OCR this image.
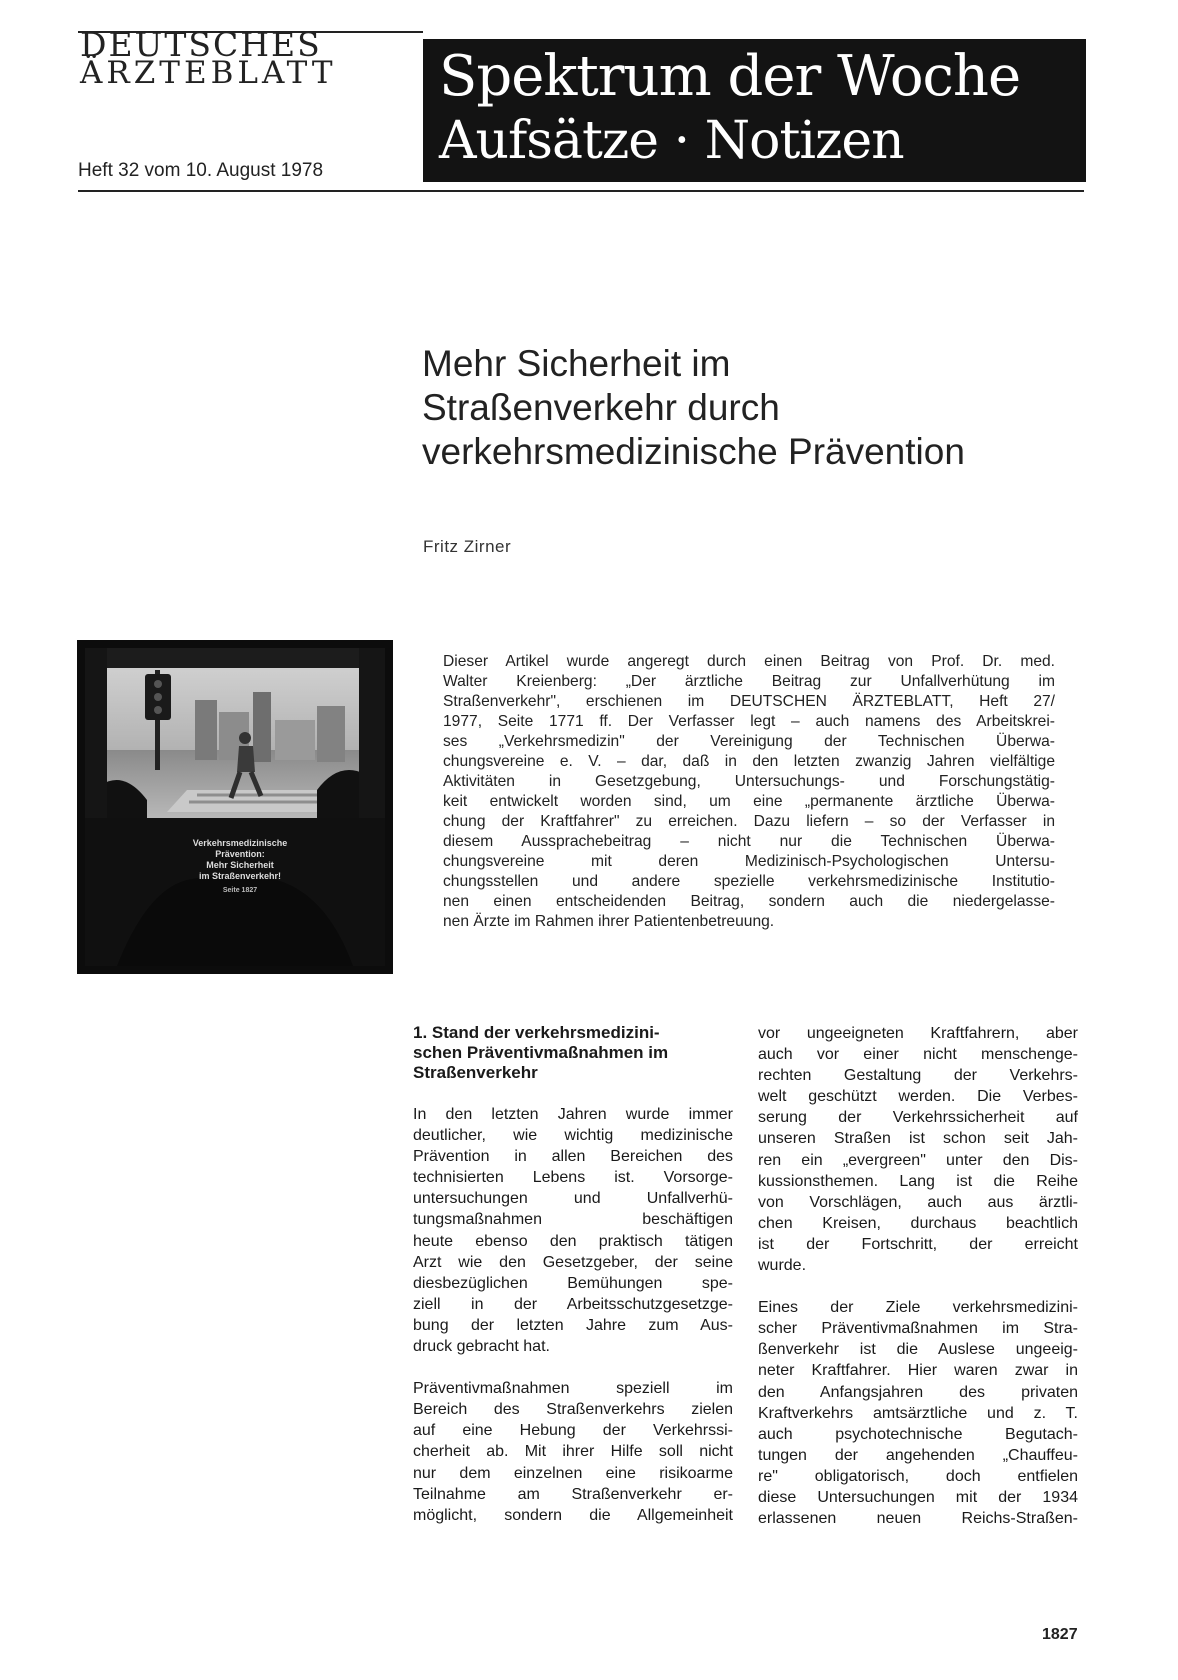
DEUTSCHES
ÄRZTEBLATT
Heft 32 vom 10. August 1978
Spektrum der Woche
Aufsätze · Notizen
Mehr Sicherheit im
Straßenverkehr durch
verkehrsmedizinische Prävention
Fritz Zirner
Verkehrsmedizinische
Prävention:
Mehr Sicherheit
im Straßenverkehr!
Seite 1827
Dieser Artikel wurde angeregt durch einen Beitrag von Prof. Dr. med.
Walter Kreienberg: „Der ärztliche Beitrag zur Unfallverhütung im
Straßenverkehr", erschienen im DEUTSCHEN ÄRZTEBLATT, Heft 27/
1977, Seite 1771 ff. Der Verfasser legt – auch namens des Arbeitskrei-
ses „Verkehrsmedizin" der Vereinigung der Technischen Überwa-
chungsvereine e. V. – dar, daß in den letzten zwanzig Jahren vielfältige
Aktivitäten in Gesetzgebung, Untersuchungs- und Forschungstätig-
keit entwickelt worden sind, um eine „permanente ärztliche Überwa-
chung der Kraftfahrer" zu erreichen. Dazu liefern – so der Verfasser in
diesem Aussprachebeitrag – nicht nur die Technischen Überwa-
chungsvereine mit deren Medizinisch-Psychologischen Untersu-
chungsstellen und andere spezielle verkehrsmedizinische Institutio-
nen einen entscheidenden Beitrag, sondern auch die niedergelasse-
nen Ärzte im Rahmen ihrer Patientenbetreuung.
1. Stand der verkehrsmedizini-
schen Präventivmaßnahmen im
Straßenverkehr
In den letzten Jahren wurde immer
deutlicher, wie wichtig medizinische
Prävention in allen Bereichen des
technisierten Lebens ist. Vorsorge-
untersuchungen und Unfallverhü-
tungsmaßnahmen beschäftigen
heute ebenso den praktisch tätigen
Arzt wie den Gesetzgeber, der seine
diesbezüglichen Bemühungen spe-
ziell in der Arbeitsschutzgesetzge-
bung der letzten Jahre zum Aus-
druck gebracht hat.
Präventivmaßnahmen speziell im
Bereich des Straßenverkehrs zielen
auf eine Hebung der Verkehrssi-
cherheit ab. Mit ihrer Hilfe soll nicht
nur dem einzelnen eine risikoarme
Teilnahme am Straßenverkehr er-
möglicht, sondern die Allgemeinheit
vor ungeeigneten Kraftfahrern, aber
auch vor einer nicht menschenge-
rechten Gestaltung der Verkehrs-
welt geschützt werden. Die Verbes-
serung der Verkehrssicherheit auf
unseren Straßen ist schon seit Jah-
ren ein „evergreen" unter den Dis-
kussionsthemen. Lang ist die Reihe
von Vorschlägen, auch aus ärztli-
chen Kreisen, durchaus beachtlich
ist der Fortschritt, der erreicht
wurde.
Eines der Ziele verkehrsmedizini-
scher Präventivmaßnahmen im Stra-
ßenverkehr ist die Auslese ungeeig-
neter Kraftfahrer. Hier waren zwar in
den Anfangsjahren des privaten
Kraftverkehrs amtsärztliche und z. T.
auch psychotechnische Begutach-
tungen der angehenden „Chauffeu-
re" obligatorisch, doch entfielen
diese Untersuchungen mit der 1934
erlassenen neuen Reichs-Straßen-
1827
